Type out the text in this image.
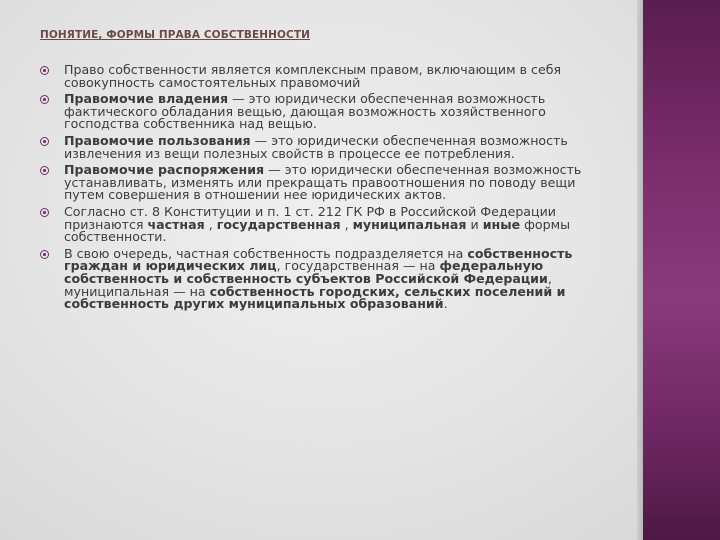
ПОНЯТИЕ, ФОРМЫ ПРАВА СОБСТВЕННОСТИ
Право собственности является комплексным правом, включающим в себя совокупность самостоятельных правомочий
Правомочие владения — это юридически обеспеченная возможность фактического обладания вещью, дающая возможность хозяйственного господства собственника над вещью.
Правомочие пользования — это юридически обеспеченная возможность извлечения из вещи полезных свойств в процессе ее потребления.
Правомочие распоряжения — это юридически обеспеченная возможность устанавливать, изменять или прекращать правоотношения по поводу вещи путем совершения в отношении нее юридических актов.
Согласно ст. 8 Конституции и п. 1 ст. 212 ГК РФ в Российской Федерации признаются частная , государственная , муниципальная и иные формы собственности.
В свою очередь, частная собственность подразделяется на собственность граждан и юридических лиц, государственная — на федеральную собственность и собственность субъектов Российской Федерации, муниципальная — на собственность городских, сельских поселений и собственность других муниципальных образований.
